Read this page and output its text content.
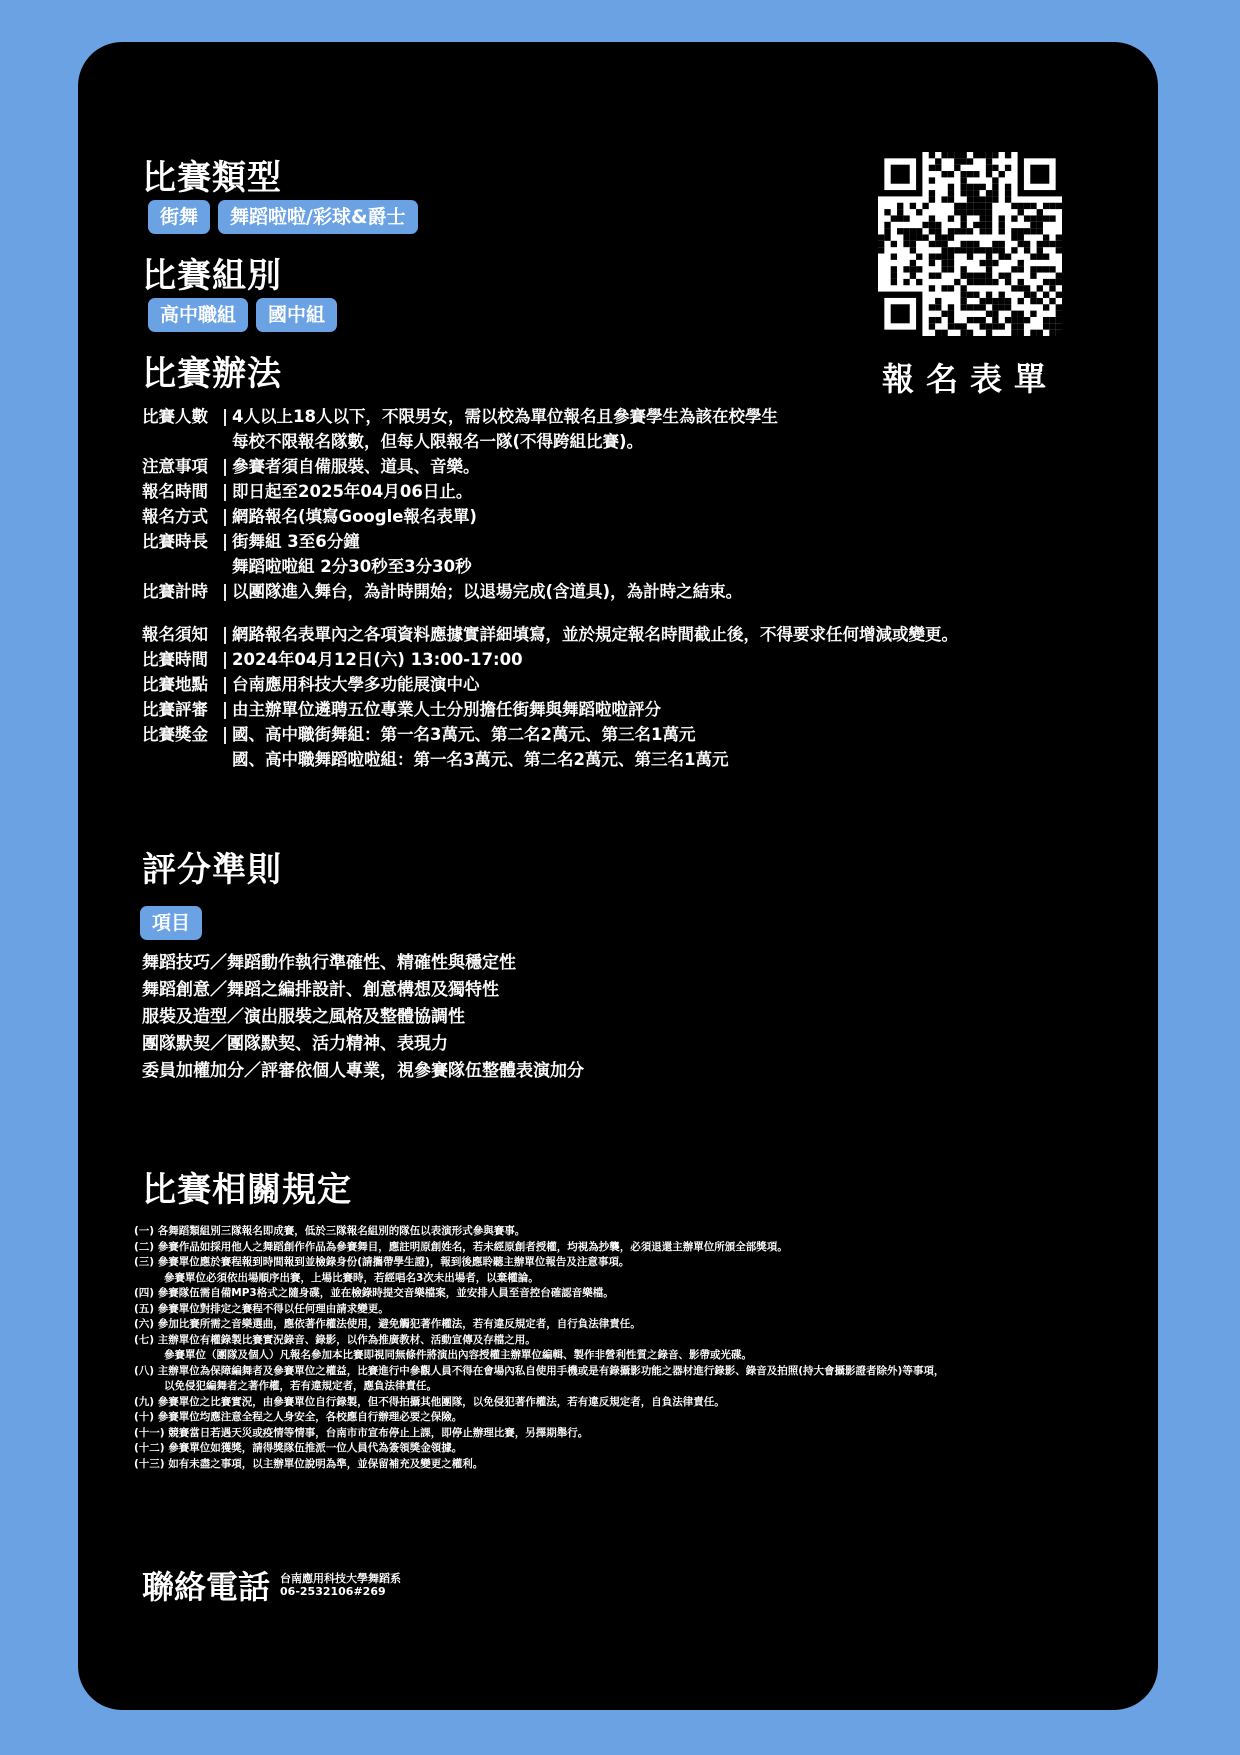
比賽類型
街舞	舞蹈啦啦/彩球&爵士
比賽組別
高中職組	國中組
比賽辦法	報名表單
比賽人數 | 4人以上18人以下，不限男女，需以校為單位報名且參賽學生為該在校學生
每校不限報名隊數，但每人限報名一隊(不得跨組比賽)。
注意事項 | 參賽者須自備服裝、道具、音樂。
報名時間 | 即日起至2025年04月06日止。
報名方式 | 網路報名(填寫Google報名表單)
比賽時長 | 街舞組 3至6分鐘
舞蹈啦啦組 2分30秒至3分30秒
比賽計時 | 以團隊進入舞台，為計時開始；以退場完成(含道具)，為計時之結束。
報名須知 | 網路報名表單內之各項資料應據實詳細填寫，並於規定報名時間截止後，不得要求任何增減或變更。
比賽時間 | 2024年04月12日(六) 13:00-17:00
比賽地點 | 台南應用科技大學多功能展演中心
比賽評審 | 由主辦單位遴聘五位專業人士分別擔任街舞與舞蹈啦啦評分
比賽獎金 | 國、高中職街舞組：第一名3萬元、第二名2萬元、第三名1萬元
國、高中職舞蹈啦啦組：第一名3萬元、第二名2萬元、第三名1萬元
評分準則
項目
舞蹈技巧／舞蹈動作執行準確性、精確性與穩定性
舞蹈創意／舞蹈之編排設計、創意構想及獨特性
服裝及造型／演出服裝之風格及整體協調性
團隊默契／團隊默契、活力精神、表現力
委員加權加分／評審依個人專業，視參賽隊伍整體表演加分
比賽相關規定
(一) 各舞蹈類組別三隊報名即成賽，低於三隊報名組別的隊伍以表演形式參與賽事。
(二) 參賽作品如採用他人之舞蹈創作作品為參賽舞目，應註明原創姓名，若未經原創者授權，均視為抄襲，必須退還主辦單位所頒全部獎項。
(三) 參賽單位應於賽程報到時間報到並檢錄身份(請攜帶學生證)，報到後應聆聽主辦單位報告及注意事項。
參賽單位必須依出場順序出賽，上場比賽時，若經唱名3次未出場者，以棄權論。
(四) 參賽隊伍需自備MP3格式之隨身碟，並在檢錄時提交音樂檔案，並安排人員至音控台確認音樂檔。
(五) 參賽單位對排定之賽程不得以任何理由請求變更。
(六) 參加比賽所需之音樂選曲，應依著作權法使用，避免觸犯著作權法，若有違反規定者，自行負法律責任。
(七) 主辦單位有權錄製比賽實況錄音、錄影，以作為推廣教材、活動宣傳及存檔之用。
參賽單位（團隊及個人）凡報名參加本比賽即視同無條件將演出內容授權主辦單位編輯、製作非營利性質之錄音、影帶或光碟。
(八) 主辦單位為保障編舞者及參賽單位之權益，比賽進行中參觀人員不得在會場內私自使用手機或是有錄攝影功能之器材進行錄影、錄音及拍照(持大會攝影證者除外)等事項，
以免侵犯編舞者之著作權，若有違規定者，應負法律責任。
(九) 參賽單位之比賽實況，由參賽單位自行錄製，但不得拍攝其他團隊，以免侵犯著作權法，若有違反規定者，自負法律責任。
(十) 參賽單位均應注意全程之人身安全，各校應自行辦理必要之保險。
(十一) 競賽當日若遇天災或疫情等情事，台南市市宣布停止上課，即停止辦理比賽，另擇期舉行。
(十二) 參賽單位如獲獎，請得獎隊伍推派一位人員代為簽領獎金領據。
(十三) 如有未盡之事項，以主辦單位說明為準，並保留補充及變更之權利。
聯絡電話 台南應用科技大學舞蹈系
06-2532106#269
